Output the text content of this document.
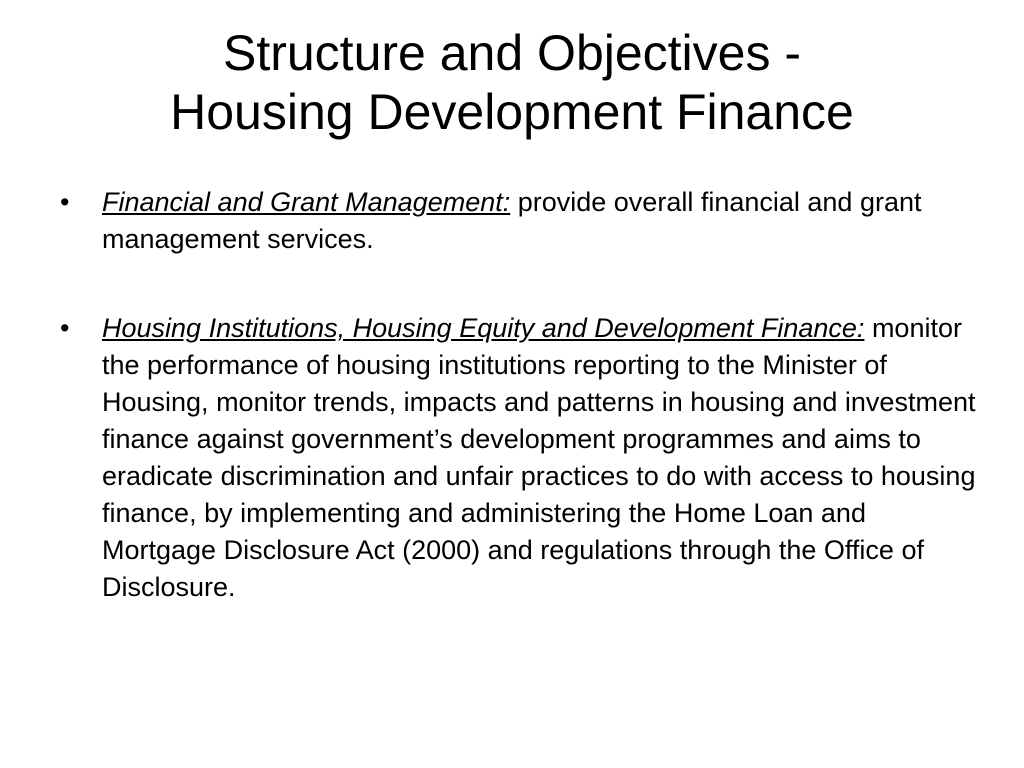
Structure and Objectives -
Housing Development Finance
•	Financial and Grant Management: provide overall financial and grant management services.
•	Housing Institutions, Housing Equity and Development Finance: monitor the performance of housing institutions reporting to the Minister of Housing, monitor trends, impacts and patterns in housing and investment finance against government’s development programmes and aims to eradicate discrimination and unfair practices to do with access to housing finance, by implementing and administering the Home Loan and Mortgage Disclosure Act (2000) and regulations through the Office of Disclosure.
